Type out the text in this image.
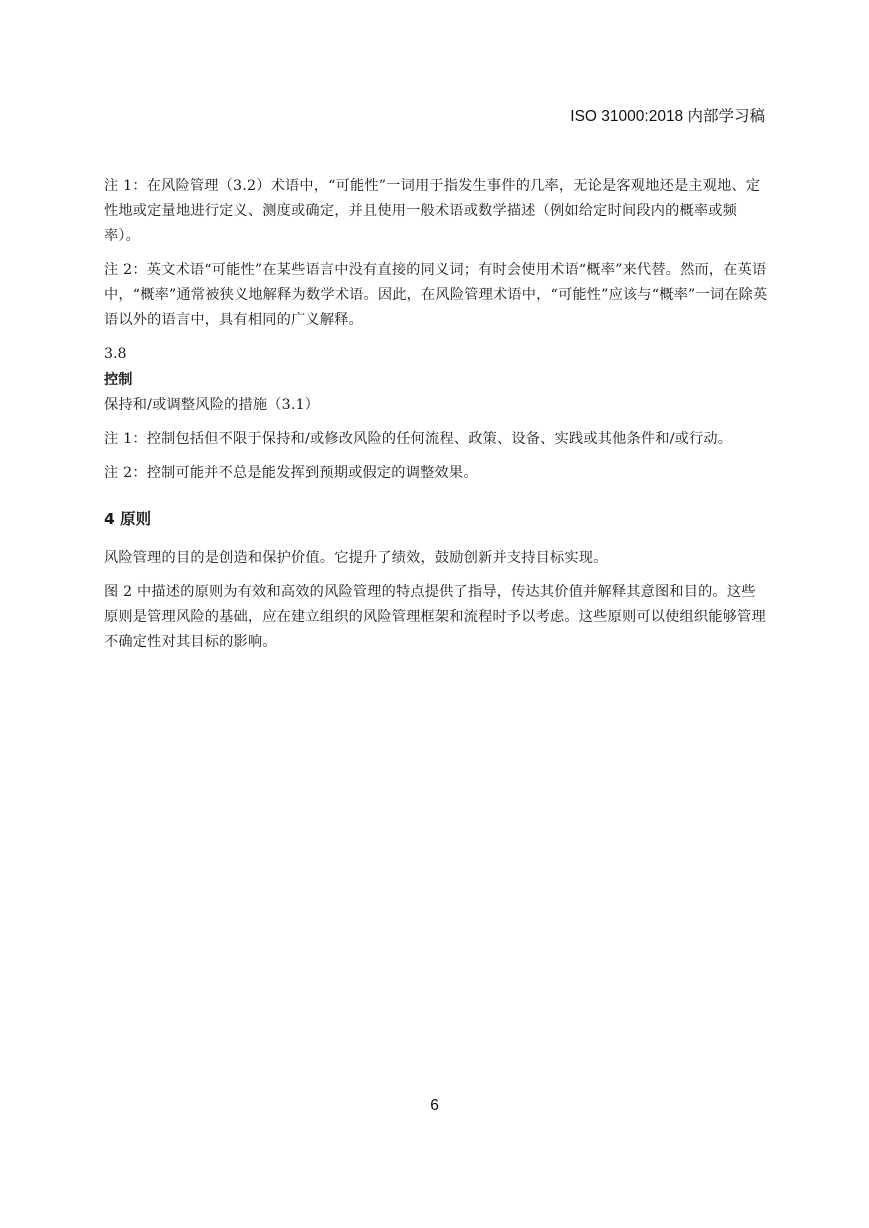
ISO 31000:2018 内部学习稿

注 1：在风险管理（3.2）术语中，“可能性”一词用于指发生事件的几率，无论是客观地还是主观地、定性地或定量地进行定义、测度或确定，并且使用一般术语或数学描述（例如给定时间段内的概率或频率）。

注 2：英文术语“可能性”在某些语言中没有直接的同义词；有时会使用术语“概率”来代替。然而，在英语中，“概率”通常被狭义地解释为数学术语。因此，在风险管理术语中，“可能性”应该与“概率”一词在除英语以外的语言中，具有相同的广义解释。

3.8
控制

保持和/或调整风险的措施（3.1）

注 1：控制包括但不限于保持和/或修改风险的任何流程、政策、设备、实践或其他条件和/或行动。

注 2：控制可能并不总是能发挥到预期或假定的调整效果。

4 原则

风险管理的目的是创造和保护价值。它提升了绩效，鼓励创新并支持目标实现。

图 2 中描述的原则为有效和高效的风险管理的特点提供了指导，传达其价值并解释其意图和目的。这些原则是管理风险的基础，应在建立组织的风险管理框架和流程时予以考虑。这些原则可以使组织能够管理不确定性对其目标的影响。

6
